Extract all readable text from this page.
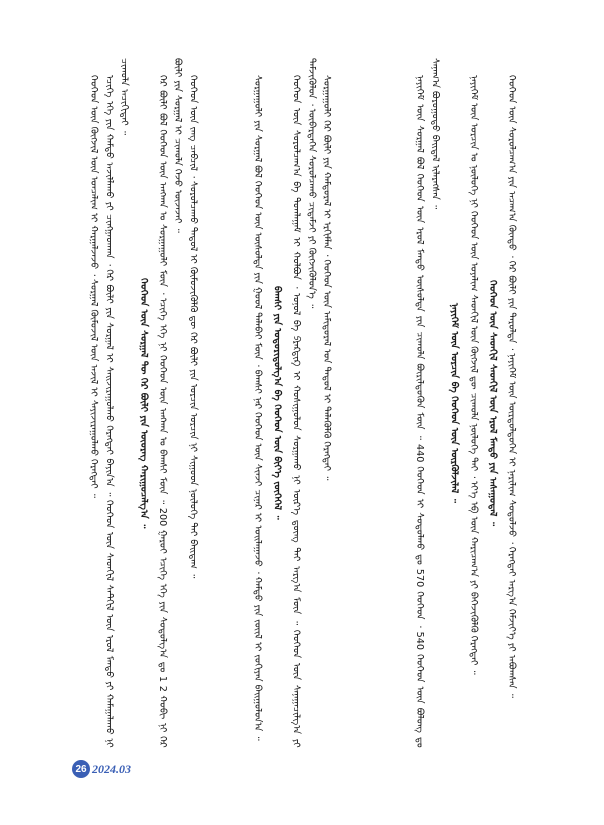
ᠬᠡᠦᠬᠡᠳ ᠦᠨ ᠬᠥᠭᠵᠢᠯ ᠦᠨ ᠣᠨᠴᠠᠯᠢᠭ ᠢ ᠬᠠᠷᠭᠠᠯᠵᠠᠵᠤ ᠂ ᠰᠤᠷᠭᠠᠯ ᠬᠦᠮᠦᠵᠢᠯ ᠦᠨ ᠠᠵᠢᠯ ᠢ ᠰᠠᠶᠢᠵᠢᠷᠠᠭᠤᠯᠬᠤ ᠬᠡᠷᠡᠭᠲᠡᠢ ᠃ ᠡᠴᠢᠭᠡ ᠡᠬᠡ ᠶᠢᠨ ᠬᠠᠮᠲᠤ ᠠᠵᠢᠯᠯᠠᠬᠤ ᠶᠢ ᠴᠢᠩᠭᠠᠳᠬᠠᠨ ᠂ ᠭᠡᠷ ᠪᠦᠯᠢ ᠶᠢᠨ ᠰᠤᠷᠭᠠᠯ ᠢ ᠰᠠᠢᠵᠢᠷᠠᠭᠤᠯᠬᠤ ᠬᠡᠷᠡᠭᠲᠡᠢ ᠪᠠᠶᠢᠨ᠎ᠠ ᠃ ᠬᠡᠦᠬᠡᠳ ᠦᠨ ᠰᠡᠳᠬᠢᠯ ᠰᠡᠲᠬᠢᠯ ᠦᠨ ᠡᠷᠦᠯ ᠮᠡᠨᠳᠦ ᠶᠢ ᠬᠠᠮᠠᠭᠠᠯᠠᠬᠤ ᠨᠢ ᠴᠢᠬᠤᠯᠠ ᠠᠴᠢᠬᠢᠲᠠᠢ ᠃

ᠬᠡᠦᠬᠡᠳ ᠦᠨ ᠰᠤᠷᠭᠠᠯ ᠲᠦ ᠭᠡᠷ ᠪᠦᠯᠢ ᠶᠢᠨ ᠦᠦᠷᠡᠭ ᠬᠠᠷᠢᠭᠤᠴᠠᠯᠭ᠎ᠠ ᠃ ᠭᠡᠷ ᠪᠦᠯᠢ ᠪᠣᠯ ᠬᠡᠦᠬᠡᠳ ᠦᠨ ᠠᠨᠭᠬᠠᠨ ᠤ ᠰᠤᠷᠭᠠᠭᠤᠯᠢ ᠮᠥᠨ ᠂ ᠡᠴᠢᠭᠡ ᠡᠬᠡ ᠨᠢ ᠬᠡᠦᠬᠡᠳ ᠦᠨ ᠠᠩᠬᠠᠨ ᠤ ᠪᠠᠭᠰᠢ ᠮᠥᠨ ᠃ 200 ᠭᠠᠷᠤᠢ ᠡᠴᠢᠭᠡ ᠡᠬᠡ ᠶᠢᠨ ᠰᠤᠳᠤᠯᠭ᠎ᠠ ᠳᠤ 1 2 ᠬᠤᠪᠢ ᠨᠢ ᠭᠡᠷ ᠪᠦᠯᠢ ᠶᠢᠨ ᠰᠤᠷᠭᠠᠯ ᠢ ᠴᠢᠬᠤᠯᠠ ᠭᠡᠵᠦ ᠦᠵᠡᠵᠡᠢ ᠃ ᠬᠡᠦᠬᠡᠳ ᠦᠨ ᠵᠠᠩ ᠴᠠᠪᠴᠢᠯ ᠂ ᠰᠤᠷᠤᠯᠴᠠᠬᠤ ᠳᠠᠳᠤᠯ ᠢ ᠬᠥᠮᠦᠵᠢᠭᠦᠯᠬᠦ ᠳᠦ ᠭᠡᠷ ᠪᠦᠯᠢ ᠶᠢᠨ ᠤᠷᠴᠢᠨ ᠣᠷᠴᠢᠨ ᠨᠢ ᠰᠢᠭᠤᠳ ᠨᠥᠯᠥᠭᠡ ᠲᠠᠢ ᠪᠠᠢᠳᠠᠭ ᠃	ᠰᠤᠷᠭᠠᠭᠤᠯᠢ ᠶᠢᠨ ᠰᠤᠷᠭᠠᠯ ᠪᠣᠯ ᠬᠡᠦᠬᠡᠳ ᠦᠨ ᠦᠰᠦᠯᠲᠡ ᠶᠢᠨ ᠭᠣᠣᠯ ᠲᠠᠯᠠᠪᠠᠢ ᠮᠥᠨ ᠂ ᠪᠠᠭᠰᠢ ᠨᠠᠷ ᠬᠡᠦᠬᠡᠳ ᠦᠨ ᠰᠢᠨᠵᠢ ᠴᠢᠨᠠᠷ ᠢ ᠣᠢᠯᠠᠭᠠᠵᠤ ᠂ ᠬᠠᠮᠲᠤ ᠶᠢᠨ ᠵᠦᠢᠯ ᠢ ᠵᠣᠬᠢᠶᠠᠨ ᠪᠠᠢᠭᠤᠯᠤᠨ᠎ᠠ ᠃ ᠪᠠᠭᠰᠢ ᠶᠢᠨ ᠤᠳᠤᠷᠢᠳᠤᠯᠭ᠎ᠠ ᠪᠠ ᠬᠡᠦᠬᠡᠳ ᠦᠨ ᠪᠢᠶ᠎ᠡ ᠵᠥᠭᠡᠭᠡᠯ ᠃ ᠬᠡᠦᠬᠡᠳ ᠦᠨ ᠰᠤᠷᠤᠯᠴᠠᠭ᠎ᠠ ᠪᠠ ᠲᠣᠭᠯᠠᠭᠠᠮ ᠢ ᠬᠣᠯᠪᠣᠨ ᠂ ᠣᠨᠣᠯ ᠪᠠ ᠫᠷᠠᠺᠲᠢᠺ ᠢ ᠬᠣᠰᠢᠭᠤᠯᠤᠨ ᠰᠤᠷᠭᠠᠬᠤ ᠨᠢ ᠦᠷ᠎ᠡ ᠳ᠋ᠦᠩ ᠲᠠᠢ ᠠᠷᠭ᠎ᠠ ᠮᠥᠨ ᠃ ᠬᠡᠦᠬᠡᠳ ᠦᠨ ᠰᠠᠨᠠᠭᠠᠴᠢᠯᠭ᠎ᠠ ᠶᠢ ᠳᠡᠮᠵᠢᠭᠦᠯᠦᠨ ᠂ ᠥᠪᠡᠷᠲᠡᠭᠡᠨ ᠰᠤᠷᠤᠯᠴᠠᠬᠤ ᠴᠢᠳᠠᠮᠵᠢ ᠶᠢ ᠬᠥᠭᠵᠢᠭᠦᠯᠦᠨ᠎ᠡ ᠃ ᠰᠤᠷᠭᠠᠭᠤᠯᠢ ᠭᠡᠷ ᠪᠦᠯᠢ ᠶᠢᠨ ᠬᠠᠮᠲᠤᠷᠠᠯ ᠢ ᠡᠷᠬᠢᠮᠯᠡᠨ ᠂ ᠬᠡᠦᠬᠡᠳ ᠦᠨ ᠠᠮᠢᠳᠤᠷᠠᠯ ᠤᠨ ᠳᠠᠳᠤᠯ ᠢ ᠲᠡᠯᠡᠭᠦᠯᠬᠦ ᠬᠡᠷᠡᠭᠲᠡᠢ ᠃	ᠨᠡᠶᠢᠭᠡᠮ ᠦᠨ ᠰᠤᠷᠭᠠᠯ ᠪᠣᠯ ᠬᠡᠦᠬᠡᠳ ᠦᠨ ᠡᠷᠦᠯ ᠮᠡᠨᠳᠦ ᠥᠰᠦᠯᠲᠡ ᠶᠢᠨ ᠴᠢᠬᠤᠯᠠ ᠪᠦᠷᠢᠯᠳᠦᠬᠦᠨ ᠮᠥᠨ ᠃ 440 ᠬᠡᠦᠬᠡᠳ ᠢ ᠰᠤᠳᠤᠯᠬᠤ ᠳᠤ 570 ᠬᠡᠦᠬᠡᠳ ᠂ 540 ᠬᠡᠦᠬᠡᠳ ᠦᠨ ᠪᠤᠯᠤᠩ ᠳᠤ ᠰᠠᠨᠠᠭ᠎ᠠ ᠪᠤᠷᠤᠭᠤᠲᠤ ᠪᠠᠢᠳᠠᠯ ᠢᠯᠡᠷᠡᠭᠰᠡᠨ ᠃

ᠨᠡᠶᠢᠭᠡᠮ ᠦᠨ ᠣᠷᠴᠢᠨ ᠪᠠ ᠬᠡᠦᠬᠡᠳ ᠦᠨ ᠦᠷᠭᠦᠯᠵᠢᠯᠡᠯ ᠃ ᠨᠡᠶᠢᠭᠡᠮ ᠦᠨ ᠣᠷᠴᠢᠨ ᠤ ᠨᠥᠯᠥᠭᠡ ᠨᠢ ᠬᠡᠦᠬᠡᠳ ᠦᠨ ᠤᠶᠠᠯᠢᠭ ᠰᠡᠳᠬᠢᠯ ᠦᠨ ᠬᠥᠭᠵᠢᠯ ᠳᠦ ᠴᠢᠬᠤᠯᠠ ᠨᠥᠯᠥᠭᠡ ᠲᠠᠢ ᠂ ᠡᠶ᠎ᠡ ᠡᠪ ᠦᠨ ᠬᠠᠷᠢᠴᠠᠭ᠎ᠠ ᠶᠢ ᠪᠡᠬᠡᠵᠢᠭᠦᠯᠬᠦ ᠬᠡᠷᠡᠭᠲᠡᠢ ᠃ ᠬᠡᠦᠬᠡᠳ ᠦᠨ ᠰᠡᠳᠬᠢᠯ ᠰᠡᠳᠬᠢᠯ ᠦᠨ ᠡᠷᠦᠯ ᠮᠡᠨᠳᠦ ᠶᠢᠨ ᠠᠰᠠᠭᠤᠳᠠᠯ ᠃ ᠬᠡᠦᠬᠡᠳ ᠦᠨ ᠰᠤᠷᠤᠯᠴᠠᠭ᠎ᠠ ᠶᠢᠨ ᠠᠴᠠᠭ᠎ᠠ ᠬᠦᠨᠳᠦ ᠂ ᠭᠡᠷ ᠪᠦᠯᠢ ᠶᠢᠨ ᠳᠠᠷᠤᠯᠲᠠ ᠂ ᠨᠡᠶᠢᠭᠡᠮ ᠦᠨ ᠥᠷᠳᠦᠯᠳᠦᠭᠡᠨ ᠢ ᠨᠠᠷᠢᠯᠢᠭ ᠰᠤᠳᠤᠯᠵᠤ ᠂ ᠬᠡᠷᠡᠭᠲᠡᠢ ᠠᠷᠭ᠎ᠠ ᠬᠡᠮᠵᠢᠶ᠎ᠡ ᠶᠢ ᠠᠪᠤᠭᠰᠠᠨ ᠃

26 2024.03
